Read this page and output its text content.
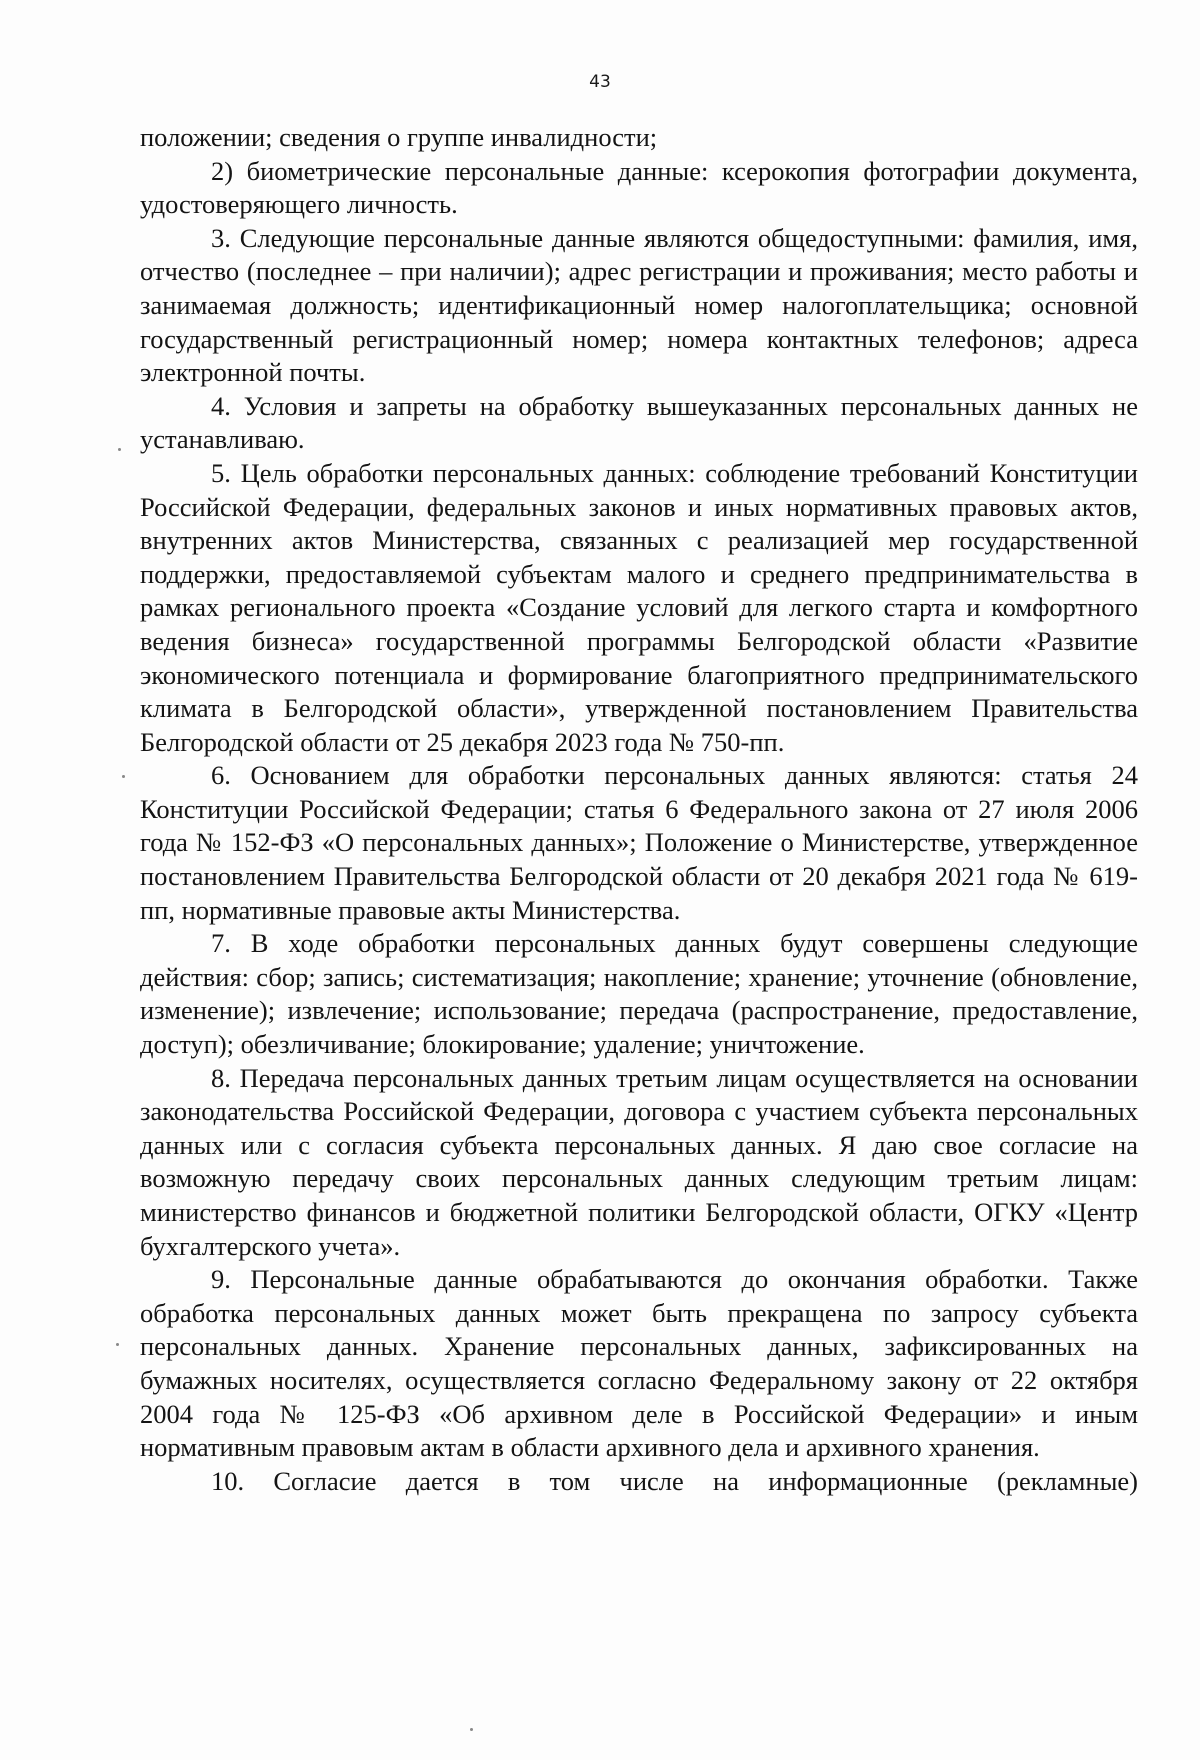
43

положении; сведения о группе инвалидности;

2) биометрические персональные данные: ксерокопия фотографии документа, удостоверяющего личность.

3. Следующие персональные данные являются общедоступными: фамилия, имя, отчество (последнее – при наличии); адрес регистрации и проживания; место работы и занимаемая должность; идентификационный номер налогоплательщика; основной государственный регистрационный номер; номера контактных телефонов; адреса электронной почты.

4. Условия и запреты на обработку вышеуказанных персональных данных не устанавливаю.

5. Цель обработки персональных данных: соблюдение требований Конституции Российской Федерации, федеральных законов и иных нормативных правовых актов, внутренних актов Министерства, связанных с реализацией мер государственной поддержки, предоставляемой субъектам малого и среднего предпринимательства в рамках регионального проекта «Создание условий для легкого старта и комфортного ведения бизнеса» государственной программы Белгородской области «Развитие экономического потенциала и формирование благоприятного предпринимательского климата в Белгородской области», утвержденной постановлением Правительства Белгородской области от 25 декабря 2023 года № 750-пп.

6. Основанием для обработки персональных данных являются: статья 24 Конституции Российской Федерации; статья 6 Федерального закона от 27 июля 2006 года № 152-ФЗ «О персональных данных»; Положение о Министерстве, утвержденное постановлением Правительства Белгородской области от 20 декабря 2021 года № 619-пп, нормативные правовые акты Министерства.

7. В ходе обработки персональных данных будут совершены следующие действия: сбор; запись; систематизация; накопление; хранение; уточнение (обновление, изменение); извлечение; использование; передача (распространение, предоставление, доступ); обезличивание; блокирование; удаление; уничтожение.

8. Передача персональных данных третьим лицам осуществляется на основании законодательства Российской Федерации, договора с участием субъекта персональных данных или с согласия субъекта персональных данных. Я даю свое согласие на возможную передачу своих персональных данных следующим третьим лицам: министерство финансов и бюджетной политики Белгородской области, ОГКУ «Центр бухгалтерского учета».

9. Персональные данные обрабатываются до окончания обработки. Также обработка персональных данных может быть прекращена по запросу субъекта персональных данных. Хранение персональных данных, зафиксированных на бумажных носителях, осуществляется согласно Федеральному закону от 22 октября 2004 года № 125-ФЗ «Об архивном деле в Российской Федерации» и иным нормативным правовым актам в области архивного дела и архивного хранения.

10. Согласие дается в том числе на информационные (рекламные)
